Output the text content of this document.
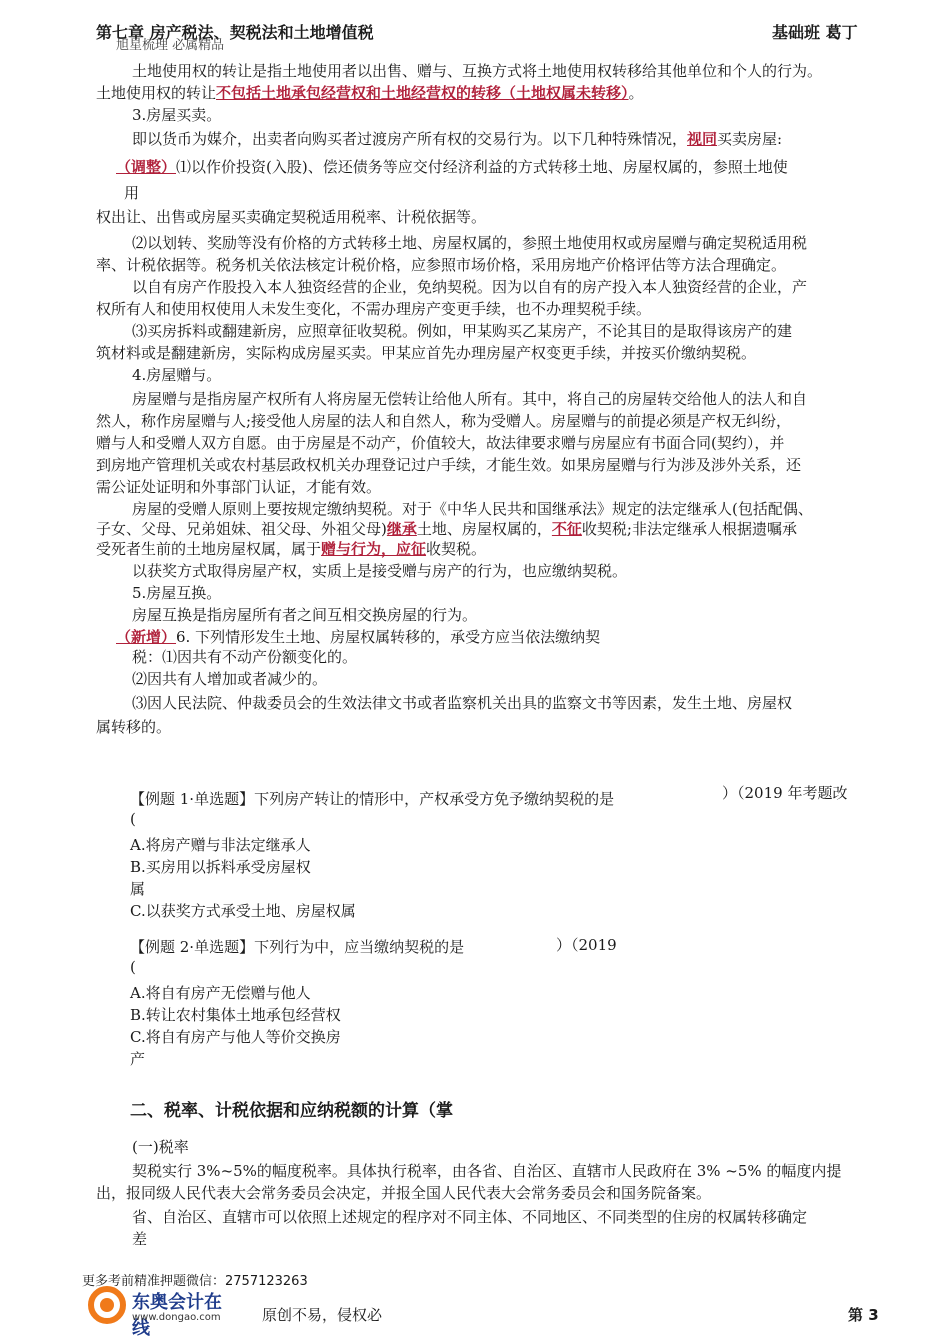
第七章 房产税法、契税法和土地增值税	基础班 葛丁
旭星梳理 必属精品
土地使用权的转让是指土地使用者以出售、赠与、互换方式将土地使用权转移给其他单位和个人的行为。
土地使用权的转让不包括土地承包经营权和土地经营权的转移（土地权属未转移）。
3.房屋买卖。
即以货币为媒介，出卖者向购买者过渡房产所有权的交易行为。以下几种特殊情况，视同买卖房屋:
（调整）⑴以作价投资(入股)、偿还债务等应交付经济利益的方式转移土地、房屋权属的，参照土地使
用
权出让、出售或房屋买卖确定契税适用税率、计税依据等。
⑵以划转、奖励等没有价格的方式转移土地、房屋权属的，参照土地使用权或房屋赠与确定契税适用税
率、计税依据等。税务机关依法核定计税价格，应参照市场价格，采用房地产价格评估等方法合理确定。
以自有房产作股投入本人独资经营的企业，免纳契税。因为以自有的房产投入本人独资经营的企业，产
权所有人和使用权使用人未发生变化，不需办理房产变更手续，也不办理契税手续。
⑶买房拆料或翻建新房，应照章征收契税。例如，甲某购买乙某房产，不论其目的是取得该房产的建
筑材料或是翻建新房，实际构成房屋买卖。甲某应首先办理房屋产权变更手续，并按买价缴纳契税。
4.房屋赠与。
房屋赠与是指房屋产权所有人将房屋无偿转让给他人所有。其中，将自己的房屋转交给他人的法人和自
然人，称作房屋赠与人;接受他人房屋的法人和自然人，称为受赠人。房屋赠与的前提必须是产权无纠纷，
赠与人和受赠人双方自愿。由于房屋是不动产，价值较大，故法律要求赠与房屋应有书面合同(契约），并
到房地产管理机关或农村基层政权机关办理登记过户手续，才能生效。如果房屋赠与行为涉及涉外关系，还
需公证处证明和外事部门认证，才能有效。
房屋的受赠人原则上要按规定缴纳契税。对于《中华人民共和国继承法》规定的法定继承人(包括配偶、
子女、父母、兄弟姐妹、祖父母、外祖父母)继承土地、房屋权属的，不征收契税;非法定继承人根据遗嘱承
受死者生前的土地房屋权属，属于赠与行为，应征收契税。
以获奖方式取得房屋产权，实质上是接受赠与房产的行为，也应缴纳契税。
5.房屋互换。
房屋互换是指房屋所有者之间互相交换房屋的行为。
（新增）6. 下列情形发生土地、房屋权属转移的，承受方应当依法缴纳契
税：⑴因共有不动产份额变化的。
⑵因共有人增加或者减少的。
⑶因人民法院、仲裁委员会的生效法律文书或者监察机关出具的监察文书等因素，发生土地、房屋权
属转移的。
【例题 1·单选题】下列房产转让的情形中，产权承受方免予缴纳契税的是	）（2019 年考题改
(
A.将房产赠与非法定继承人
B.买房用以拆料承受房屋权
属
C.以获奖方式承受土地、房屋权属
【例题 2·单选题】下列行为中，应当缴纳契税的是	）（2019
(
A.将自有房产无偿赠与他人
B.转让农村集体土地承包经营权
C.将自有房产与他人等价交换房
产
二、税率、计税依据和应纳税额的计算（掌
(一)税率
契税实行 3%~5%的幅度税率。具体执行税率，由各省、自治区、直辖市人民政府在 3% ~5% 的幅度内提
出，报同级人民代表大会常务委员会决定，并报全国人民代表大会常务委员会和国务院备案。
省、自治区、直辖市可以依照上述规定的程序对不同主体、不同地区、不同类型的住房的权属转移确定
差
更多考前精准押题微信：2757123263
东奥会计在线
www.dongao.com	原创不易，侵权必	第 3
